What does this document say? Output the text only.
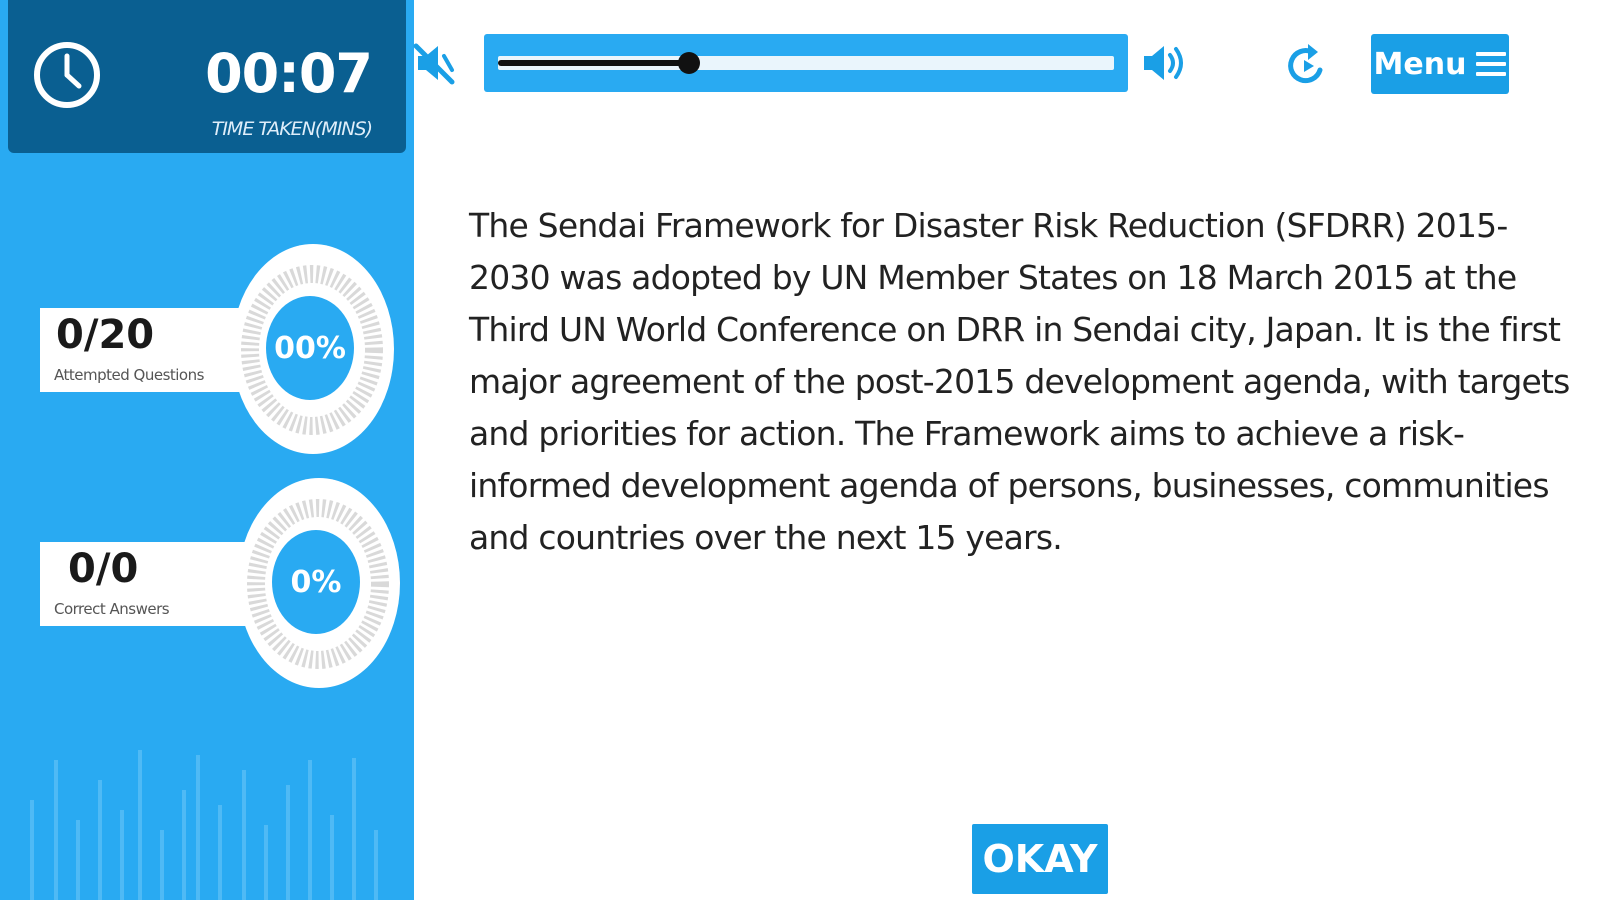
00:07
TIME TAKEN(MINS)
0/20
Attempted Questions
00%
0/0
Correct Answers
0%
Menu
The Sendai Framework for Disaster Risk Reduction (SFDRR) 2015-2030 was adopted by UN Member States on 18 March 2015 at the Third UN World Conference on DRR in Sendai city, Japan. It is the first major agreement of the post-2015 development agenda, with targets and priorities for action. The Framework aims to achieve a risk-informed development agenda of persons, businesses, communities and countries over the next 15 years.
OKAY
